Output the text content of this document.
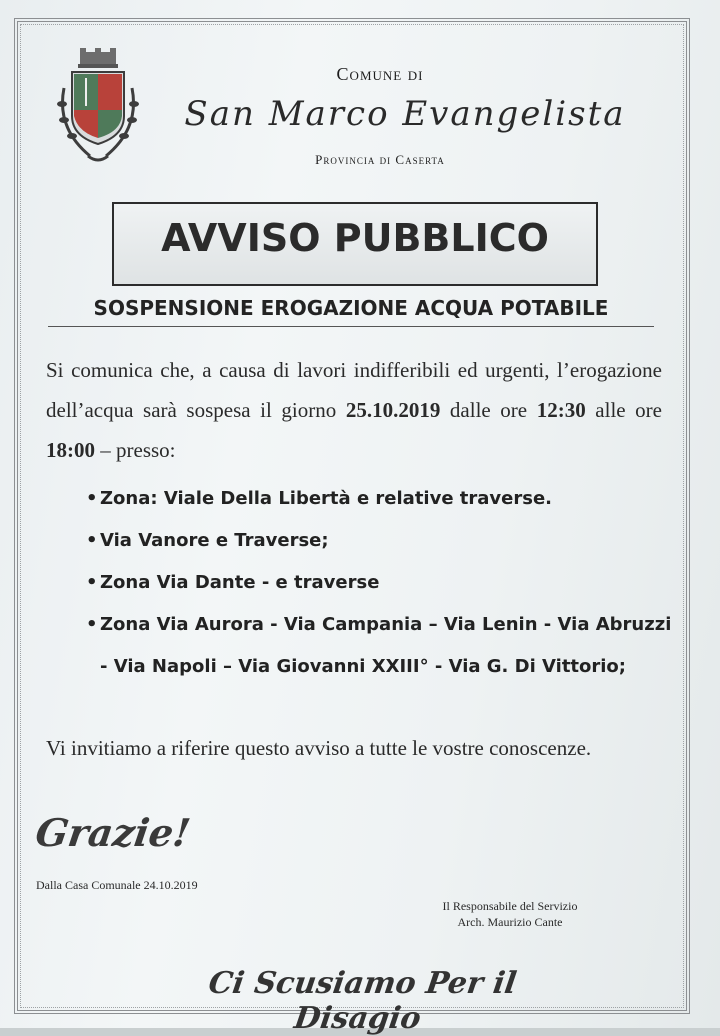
Comune di
San Marco Evangelista
Provincia di Caserta
AVVISO PUBBLICO
SOSPENSIONE EROGAZIONE ACQUA POTABILE
Si comunica che, a causa di lavori indifferibili ed urgenti, l’erogazione dell’acqua sarà sospesa il giorno 25.10.2019 dalle ore 12:30 alle ore 18:00 – presso:
• Zona: Viale Della Libertà e relative traverse.
• Via Vanore e Traverse;
• Zona Via Dante - e traverse
• Zona Via Aurora - Via Campania – Via Lenin - Via Abruzzi - Via Napoli – Via Giovanni XXIII° - Via G. Di Vittorio;
Vi invitiamo a riferire questo avviso a tutte le vostre conoscenze.
Grazie!
Dalla Casa Comunale 24.10.2019
Il Responsabile del Servizio
Arch. Maurizio Cante
Ci Scusiamo Per il Disagio
